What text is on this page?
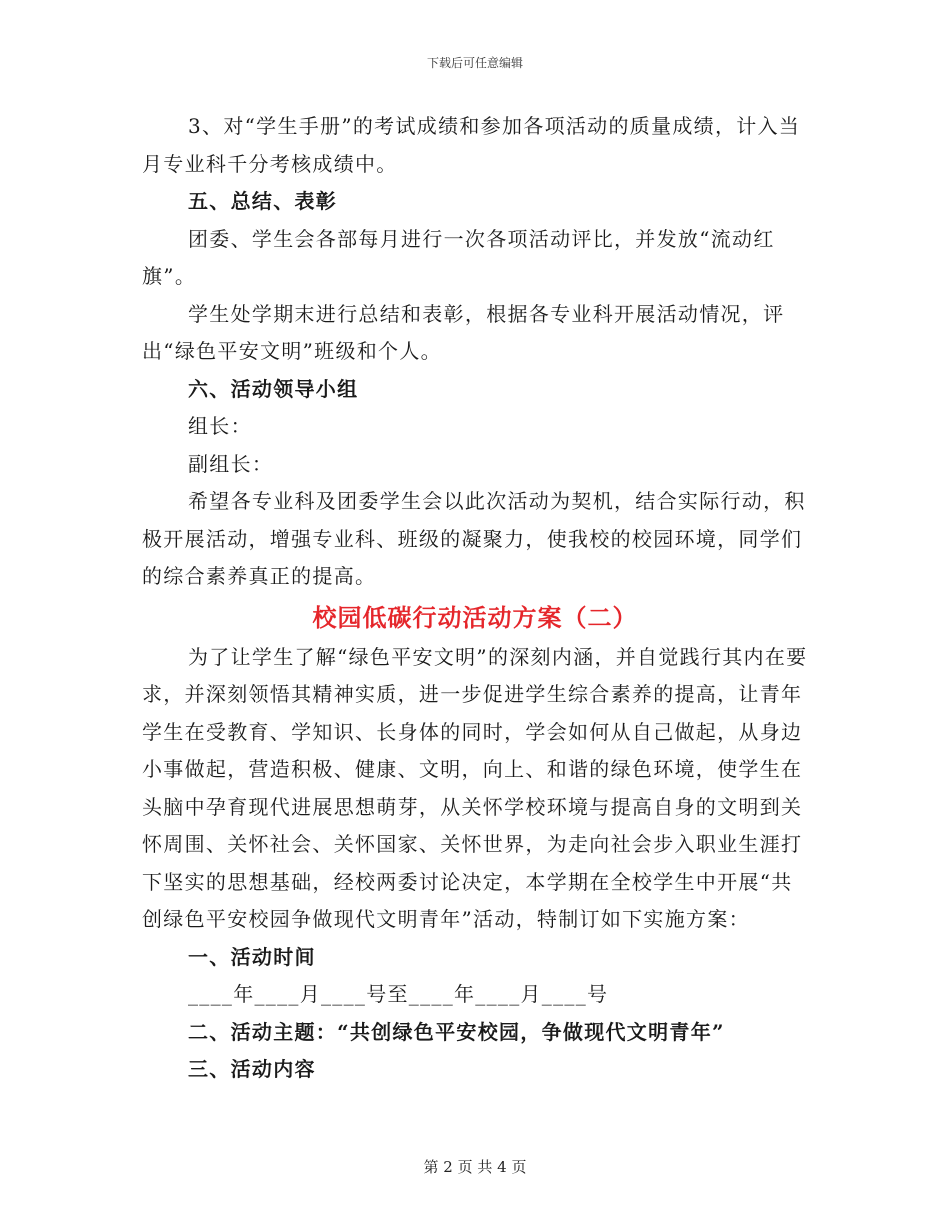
下载后可任意编辑

3、对“学生手册”的考试成绩和参加各项活动的质量成绩，计入当月专业科千分考核成绩中。

五、总结、表彰

团委、学生会各部每月进行一次各项活动评比，并发放“流动红旗”。

学生处学期末进行总结和表彰，根据各专业科开展活动情况，评出“绿色平安文明”班级和个人。

六、活动领导小组

组长：

副组长：

希望各专业科及团委学生会以此次活动为契机，结合实际行动，积极开展活动，增强专业科、班级的凝聚力，使我校的校园环境，同学们的综合素养真正的提高。

校园低碳行动活动方案（二）

为了让学生了解“绿色平安文明”的深刻内涵，并自觉践行其内在要求，并深刻领悟其精神实质，进一步促进学生综合素养的提高，让青年学生在受教育、学知识、长身体的同时，学会如何从自己做起，从身边小事做起，营造积极、健康、文明，向上、和谐的绿色环境，使学生在头脑中孕育现代进展思想萌芽，从关怀学校环境与提高自身的文明到关怀周围、关怀社会、关怀国家、关怀世界，为走向社会步入职业生涯打下坚实的思想基础，经校两委讨论决定，本学期在全校学生中开展“共创绿色平安校园争做现代文明青年”活动，特制订如下实施方案：

一、活动时间

____年____月____号至____年____月____号

二、活动主题：“共创绿色平安校园，争做现代文明青年”

三、活动内容

第 2 页 共 4 页
